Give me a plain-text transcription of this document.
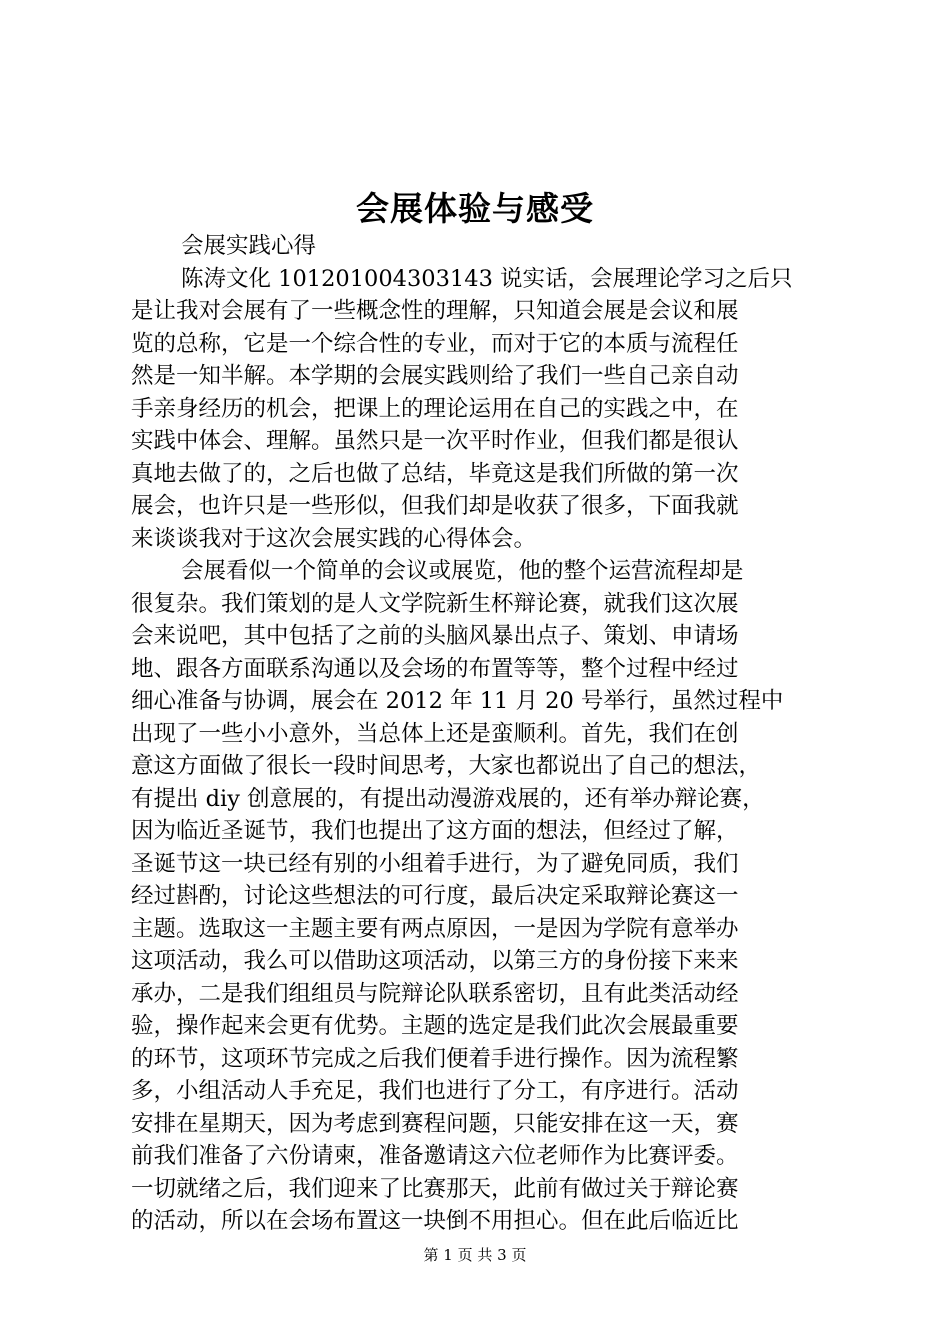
会展体验与感受
会展实践心得
陈涛文化 101201004303143 说实话，会展理论学习之后只
是让我对会展有了一些概念性的理解，只知道会展是会议和展
览的总称，它是一个综合性的专业，而对于它的本质与流程任
然是一知半解。本学期的会展实践则给了我们一些自己亲自动
手亲身经历的机会，把课上的理论运用在自己的实践之中，在
实践中体会、理解。虽然只是一次平时作业，但我们都是很认
真地去做了的，之后也做了总结，毕竟这是我们所做的第一次
展会，也许只是一些形似，但我们却是收获了很多，下面我就
来谈谈我对于这次会展实践的心得体会。
会展看似一个简单的会议或展览，他的整个运营流程却是
很复杂。我们策划的是人文学院新生杯辩论赛，就我们这次展
会来说吧，其中包括了之前的头脑风暴出点子、策划、申请场
地、跟各方面联系沟通以及会场的布置等等，整个过程中经过
细心准备与协调，展会在 2012 年 11 月 20 号举行，虽然过程中
出现了一些小小意外，当总体上还是蛮顺利。首先，我们在创
意这方面做了很长一段时间思考，大家也都说出了自己的想法，
有提出 diy 创意展的，有提出动漫游戏展的，还有举办辩论赛，
因为临近圣诞节，我们也提出了这方面的想法，但经过了解，
圣诞节这一块已经有别的小组着手进行，为了避免同质，我们
经过斟酌，讨论这些想法的可行度，最后决定采取辩论赛这一
主题。选取这一主题主要有两点原因，一是因为学院有意举办
这项活动，我么可以借助这项活动，以第三方的身份接下来来
承办，二是我们组组员与院辩论队联系密切，且有此类活动经
验，操作起来会更有优势。主题的选定是我们此次会展最重要
的环节，这项环节完成之后我们便着手进行操作。因为流程繁
多，小组活动人手充足，我们也进行了分工，有序进行。活动
安排在星期天，因为考虑到赛程问题，只能安排在这一天，赛
前我们准备了六份请柬，准备邀请这六位老师作为比赛评委。
一切就绪之后，我们迎来了比赛那天，此前有做过关于辩论赛
的活动，所以在会场布置这一块倒不用担心。但在此后临近比
第 1 页 共 3 页
